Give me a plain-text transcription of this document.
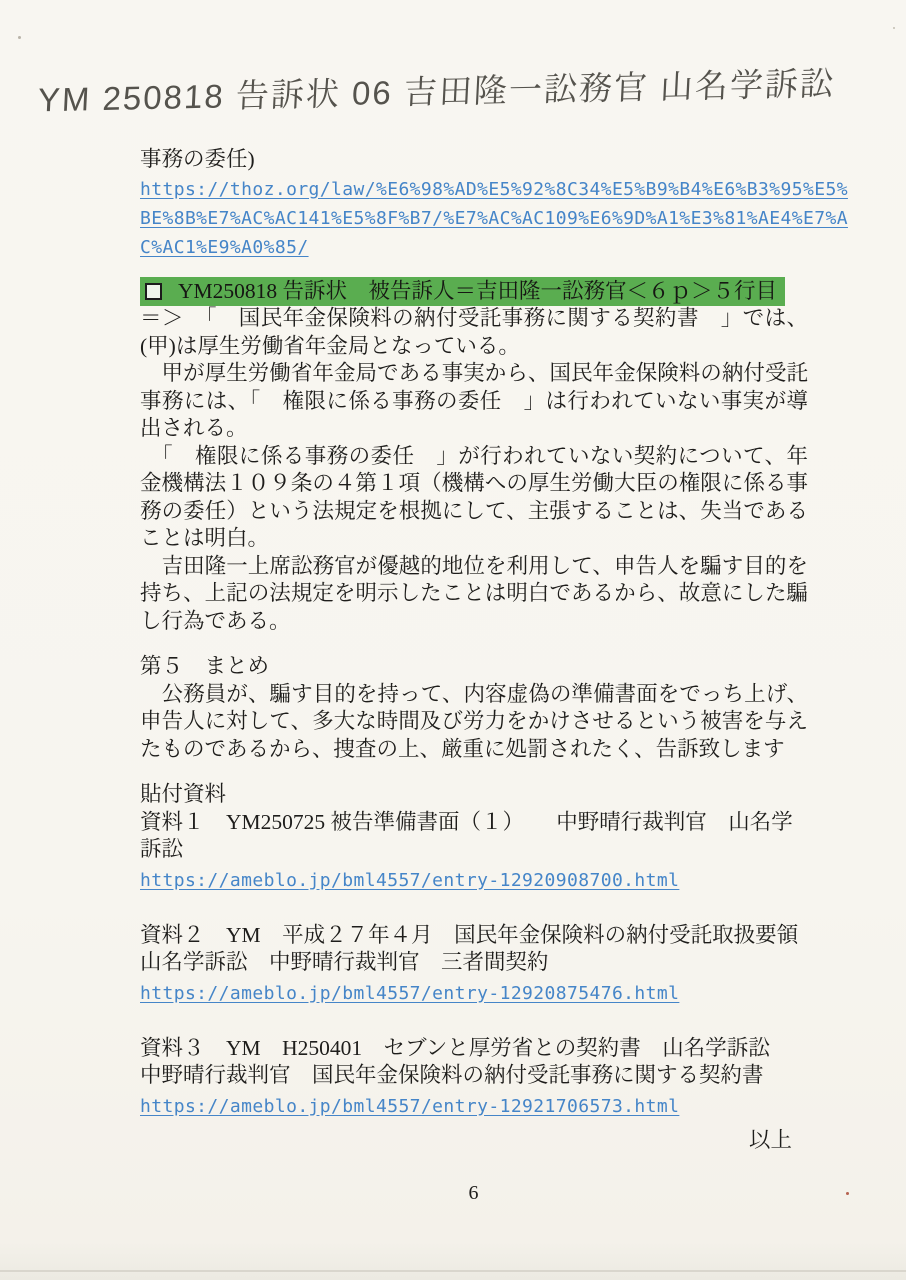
YM 250818 告訴状 06 吉田隆一訟務官 山名学訴訟
事務の委任)
https://thoz.org/law/%E6%98%AD%E5%92%8C34%E5%B9%B4%E6%B3%95%E5%
BE%8B%E7%AC%AC141%E5%8F%B7/%E7%AC%AC109%E6%9D%A1%E3%81%AE4%E7%A
C%AC1%E9%A0%85/
YM250818 告訴状　被告訴人＝吉田隆一訟務官＜６ｐ＞５行目
＝＞　「　国民年金保険料の納付受託事務に関する契約書　」では、(甲)は厚生労働省年金局となっている。
　甲が厚生労働省年金局である事実から、国民年金保険料の納付受託事務には、「　権限に係る事務の委任　」は行われていない事実が導出される。
　「　権限に係る事務の委任　」が行われていない契約について、年金機構法１０９条の４第１項（機構への厚生労働大臣の権限に係る事務の委任）という法規定を根拠にして、主張することは、失当であることは明白。
　吉田隆一上席訟務官が優越的地位を利用して、申告人を騙す目的を持ち、上記の法規定を明示したことは明白であるから、故意にした騙し行為である。
第５　まとめ
　公務員が、騙す目的を持って、内容虚偽の準備書面をでっち上げ、申告人に対して、多大な時間及び労力をかけさせるという被害を与えたものであるから、捜査の上、厳重に処罰されたく、告訴致します
貼付資料
資料１　YM250725 被告準備書面（１）　　中野晴行裁判官　山名学訴訟
https://ameblo.jp/bml4557/entry-12920908700.html
資料２　YM　平成２７年４月　国民年金保険料の納付受託取扱要領山名学訴訟　中野晴行裁判官　三者間契約
https://ameblo.jp/bml4557/entry-12920875476.html
資料３　YM　H250401　セブンと厚労省との契約書　山名学訴訟　中野晴行裁判官　国民年金保険料の納付受託事務に関する契約書
https://ameblo.jp/bml4557/entry-12921706573.html
以上
6
